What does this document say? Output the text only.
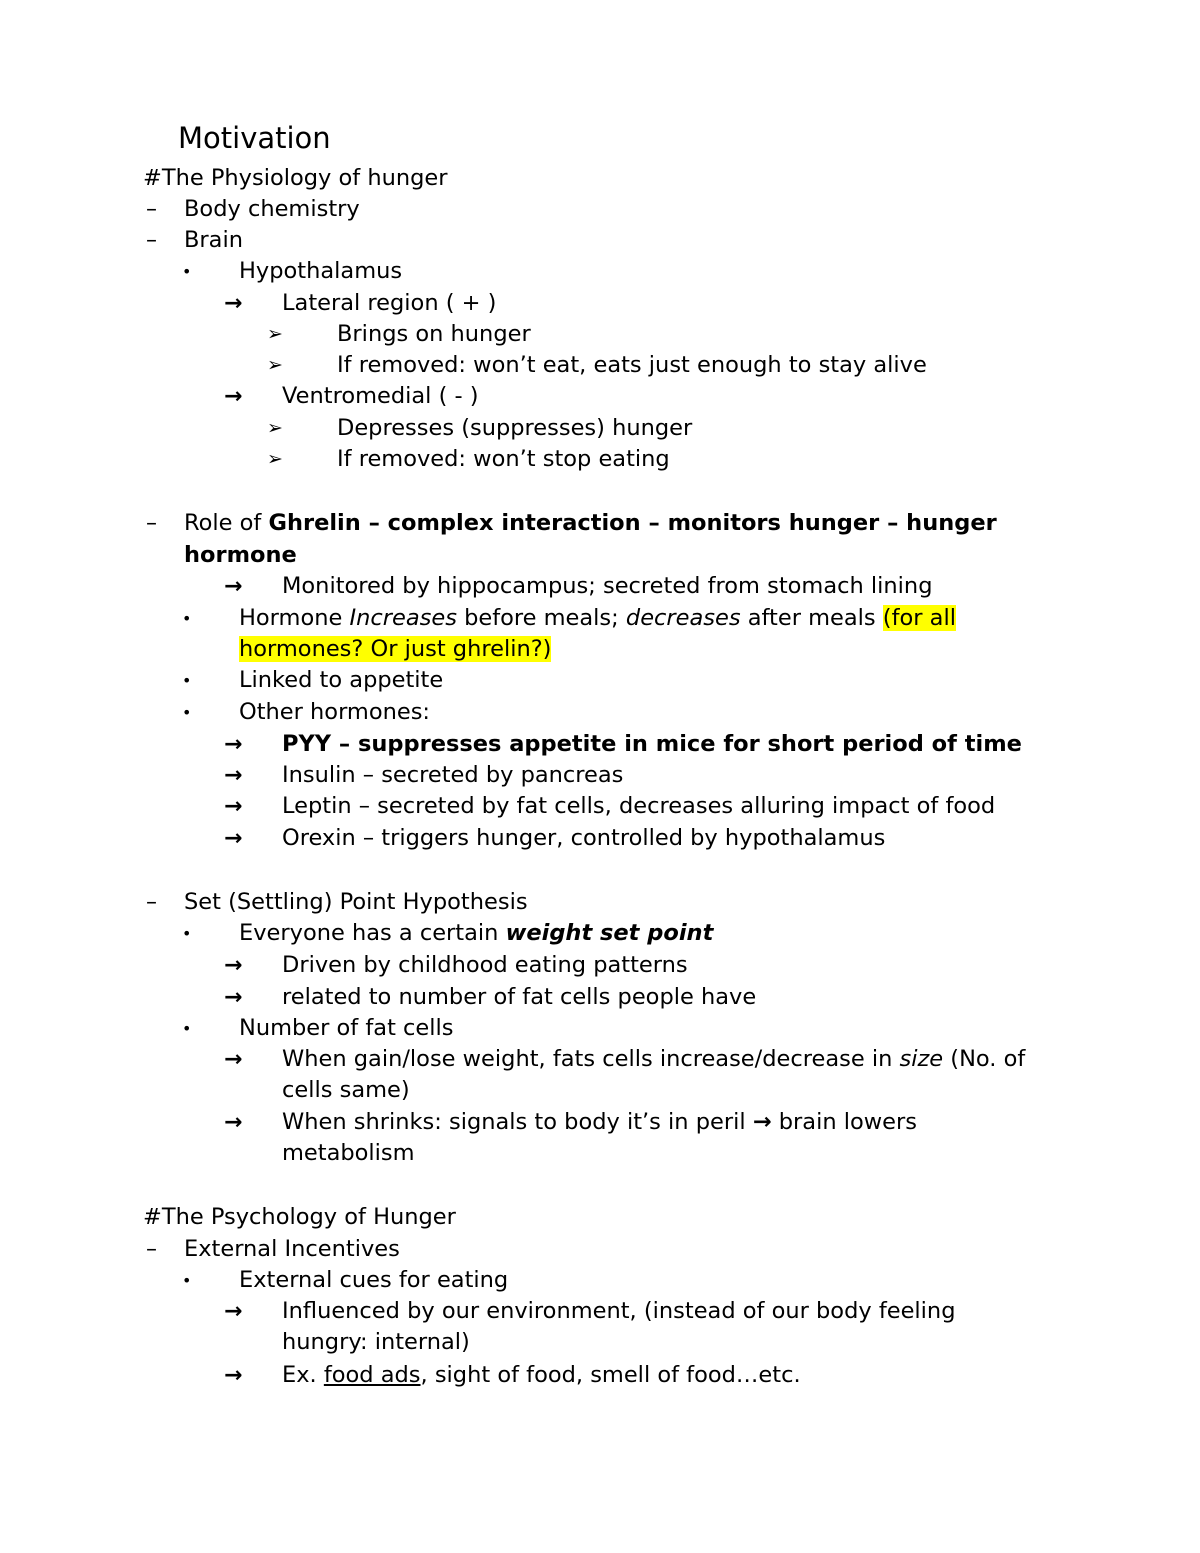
Motivation
#The Physiology of hunger
– Body chemistry
– Brain
• Hypothalamus
→ Lateral region ( + )
➢ Brings on hunger
➢ If removed: won’t eat, eats just enough to stay alive
→ Ventromedial ( - )
➢ Depresses (suppresses) hunger
➢ If removed: won’t stop eating
– Role of Ghrelin – complex interaction – monitors hunger – hunger
hormone
→ Monitored by hippocampus; secreted from stomach lining
• Hormone Increases before meals; decreases after meals (for all
hormones? Or just ghrelin?)
• Linked to appetite
• Other hormones:
→ PYY – suppresses appetite in mice for short period of time
→ Insulin – secreted by pancreas
→ Leptin – secreted by fat cells, decreases alluring impact of food
→ Orexin – triggers hunger, controlled by hypothalamus
– Set (Settling) Point Hypothesis
• Everyone has a certain weight set point
→ Driven by childhood eating patterns
→ related to number of fat cells people have
• Number of fat cells
→ When gain/lose weight, fats cells increase/decrease in size (No. of
cells same)
→ When shrinks: signals to body it’s in peril → brain lowers
metabolism
#The Psychology of Hunger
– External Incentives
• External cues for eating
→ Influenced by our environment, (instead of our body feeling
hungry: internal)
→ Ex. food ads, sight of food, smell of food…etc.
